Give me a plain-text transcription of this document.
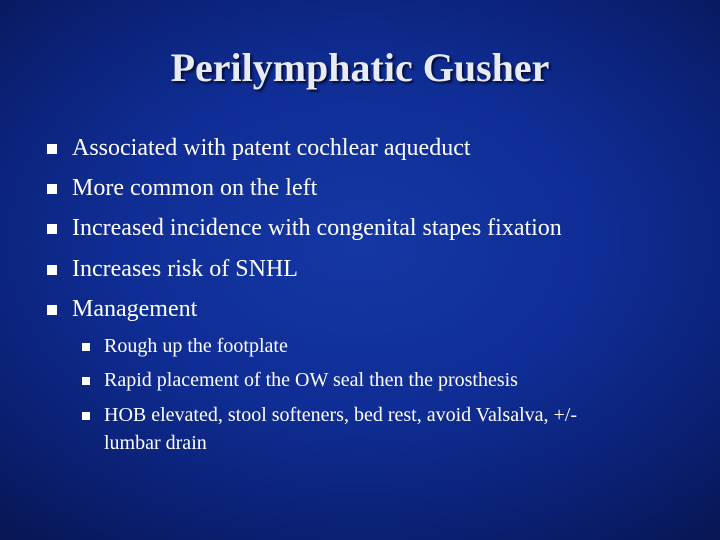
Perilymphatic Gusher
Associated with patent cochlear aqueduct
More common on the left
Increased incidence with congenital stapes fixation
Increases risk of SNHL
Management
Rough up the footplate
Rapid placement of the OW seal then the prosthesis
HOB elevated, stool softeners, bed rest, avoid Valsalva, +/-
lumbar drain
